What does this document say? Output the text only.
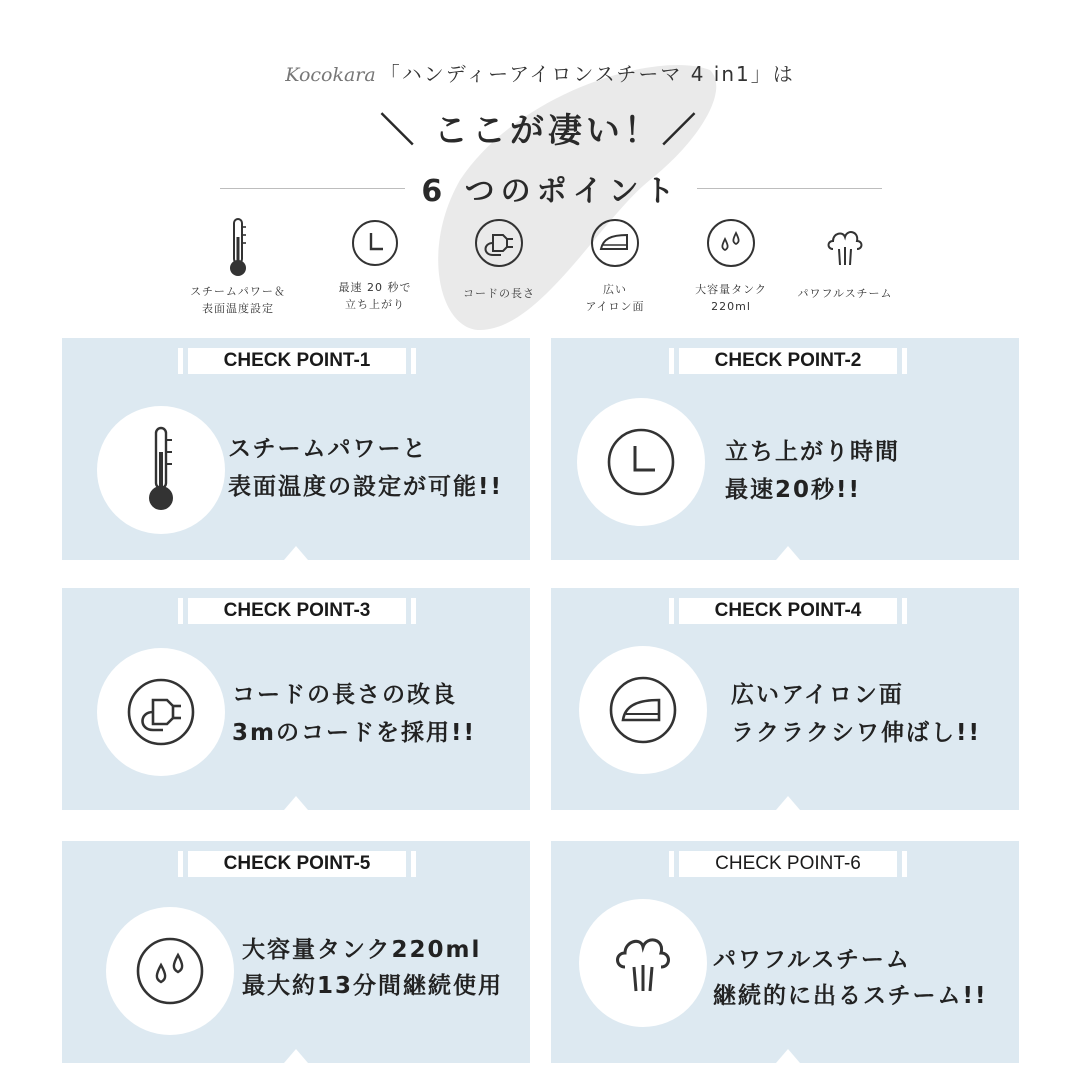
Kocokara 「ハンディーアイロンスチーマ 4 in1」は
＼ ここが凄い！／
6 つのポイント
スチームパワー＆
表面温度設定
最速 20 秒で
立ち上がり
コードの長さ	広い
アイロン面
大容量タンク
220ml
パワフルスチーム
CHECK POINT-1
スチームパワーと
表面温度の設定が可能!!
CHECK POINT-2
立ち上がり時間
最速20秒!!
CHECK POINT-3
コードの長さの改良
3mのコードを採用!!
CHECK POINT-4
広いアイロン面
ラクラクシワ伸ばし!!
CHECK POINT-5
大容量タンク220ml
最大約13分間継続使用
CHECK POINT-6
パワフルスチーム
継続的に出るスチーム!!
